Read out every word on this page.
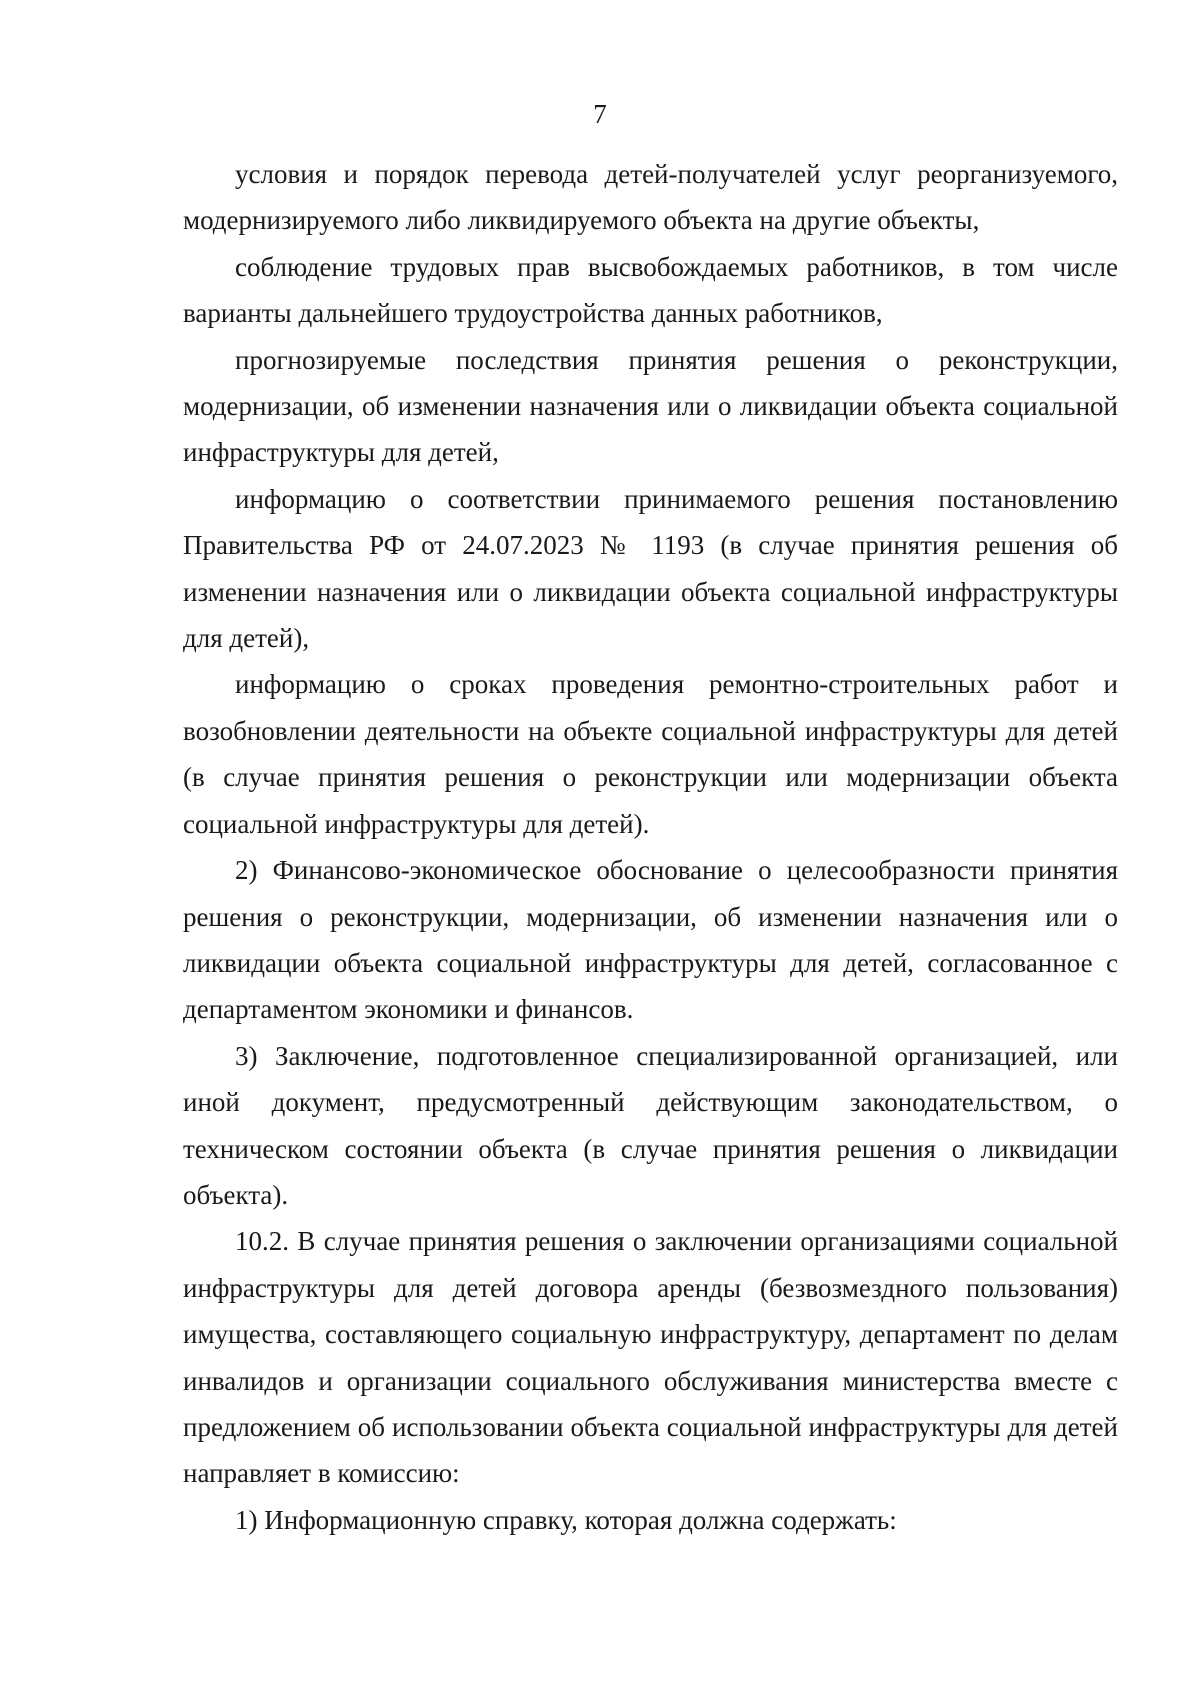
7

условия и порядок перевода детей-получателей услуг реорганизуемого, модернизируемого либо ликвидируемого объекта на другие объекты,

соблюдение трудовых прав высвобождаемых работников, в том числе варианты дальнейшего трудоустройства данных работников,

прогнозируемые последствия принятия решения о реконструкции, модернизации, об изменении назначения или о ликвидации объекта социальной инфраструктуры для детей,

информацию о соответствии принимаемого решения постановлению Правительства РФ от 24.07.2023 № 1193 (в случае принятия решения об изменении назначения или о ликвидации объекта социальной инфраструктуры для детей),

информацию о сроках проведения ремонтно-строительных работ и возобновлении деятельности на объекте социальной инфраструктуры для детей (в случае принятия решения о реконструкции или модернизации объекта социальной инфраструктуры для детей).

2) Финансово-экономическое обоснование о целесообразности принятия решения о реконструкции, модернизации, об изменении назначения или о ликвидации объекта социальной инфраструктуры для детей, согласованное с департаментом экономики и финансов.

3) Заключение, подготовленное специализированной организацией, или иной документ, предусмотренный действующим законодательством, о техническом состоянии объекта (в случае принятия решения о ликвидации объекта).

10.2. В случае принятия решения о заключении организациями социальной инфраструктуры для детей договора аренды (безвозмездного пользования) имущества, составляющего социальную инфраструктуру, департамент по делам инвалидов и организации социального обслуживания министерства вместе с предложением об использовании объекта социальной инфраструктуры для детей направляет в комиссию:

1) Информационную справку, которая должна содержать:
